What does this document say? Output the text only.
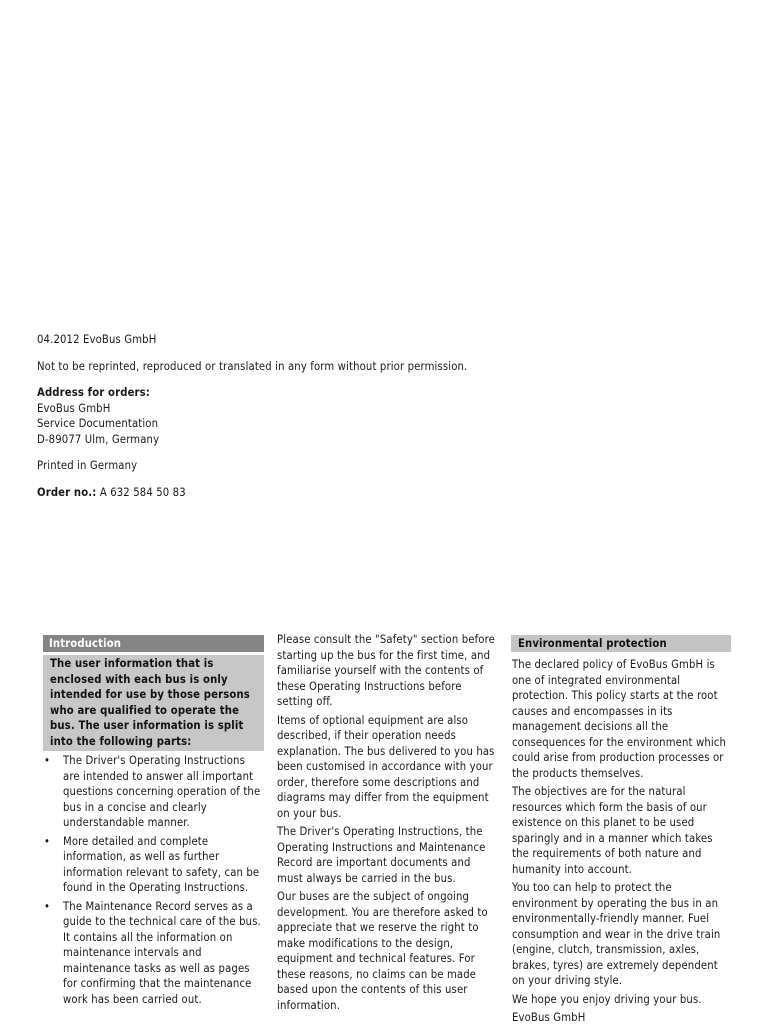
04.2012 EvoBus GmbH

Not to be reprinted, reproduced or translated in any form without prior permission.

Address for orders:

EvoBus GmbH

Service Documentation

D-89077 Ulm, Germany

Printed in Germany

Order no.: A 632 584 50 83

Introduction
The user information that is enclosed with each bus is only intended for use by those persons who are qualified to operate the bus. The user information is split into the following parts:
• The Driver's Operating Instructions are intended to answer all important questions concerning operation of the bus in a concise and clearly understandable manner.
• More detailed and complete information, as well as further information relevant to safety, can be found in the Operating Instructions.
• The Maintenance Record serves as a guide to the technical care of the bus. It contains all the information on maintenance intervals and maintenance tasks as well as pages for confirming that the maintenance work has been carried out.

Please consult the "Safety" section before starting up the bus for the first time, and familiarise yourself with the contents of these Operating Instructions before setting off.

Items of optional equipment are also described, if their operation needs explanation. The bus delivered to you has been customised in accordance with your order, therefore some descriptions and diagrams may differ from the equipment on your bus.

The Driver's Operating Instructions, the Operating Instructions and Maintenance Record are important documents and must always be carried in the bus.

Our buses are the subject of ongoing development. You are therefore asked to appreciate that we reserve the right to make modifications to the design, equipment and technical features. For these reasons, no claims can be made based upon the contents of this user information.

Environmental protection

The declared policy of EvoBus GmbH is one of integrated environmental protection. This policy starts at the root causes and encompasses in its management decisions all the consequences for the environment which could arise from production processes or the products themselves.

The objectives are for the natural resources which form the basis of our existence on this planet to be used sparingly and in a manner which takes the requirements of both nature and humanity into account.

You too can help to protect the environment by operating the bus in an environmentally-friendly manner. Fuel consumption and wear in the drive train (engine, clutch, transmission, axles, brakes, tyres) are extremely dependent on your driving style.

We hope you enjoy driving your bus.

EvoBus GmbH
